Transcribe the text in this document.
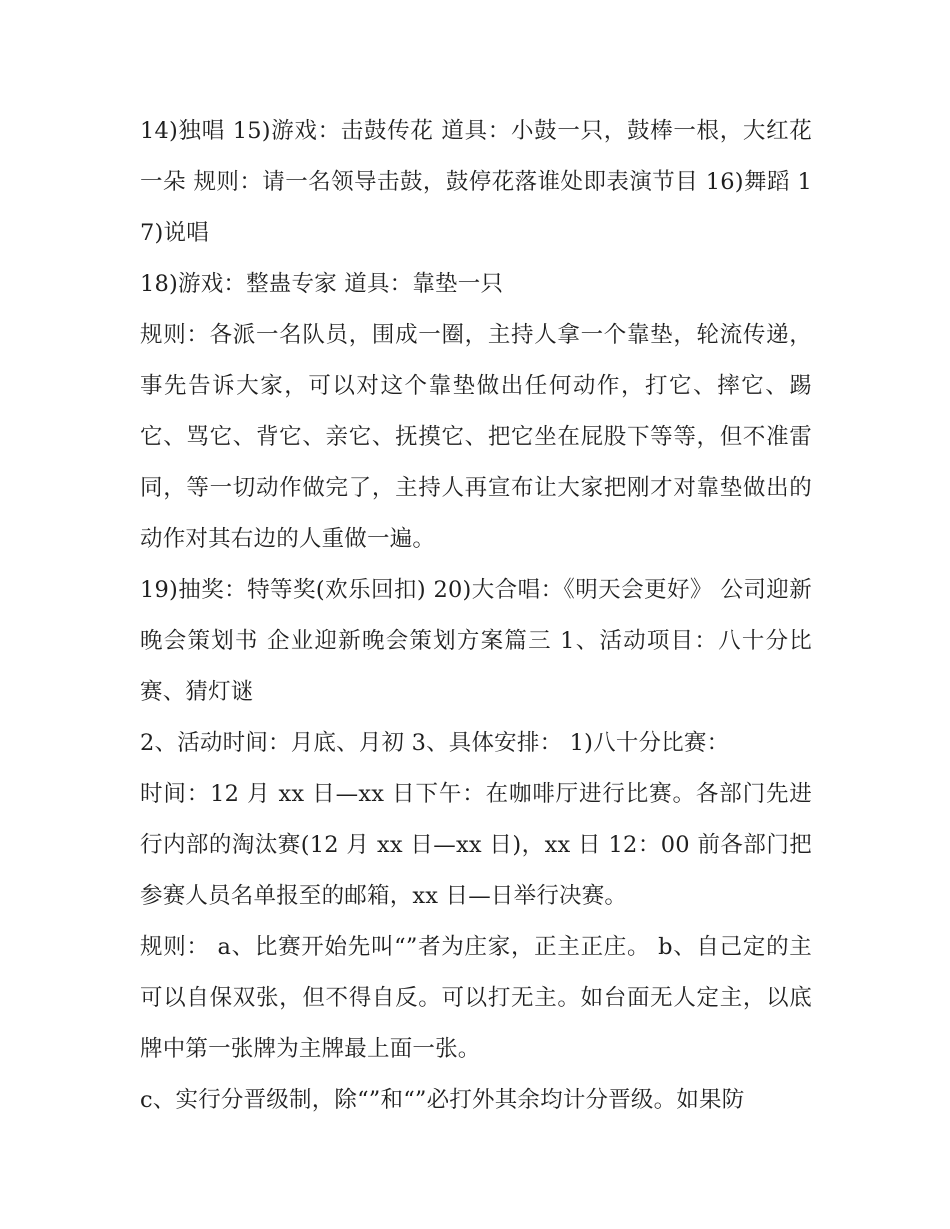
14)独唱 15)游戏：击鼓传花 道具：小鼓一只，鼓棒一根，大红花一朵 规则：请一名领导击鼓，鼓停花落谁处即表演节目 16)舞蹈 17)说唱

18)游戏：整蛊专家 道具：靠垫一只

规则：各派一名队员，围成一圈，主持人拿一个靠垫，轮流传递，事先告诉大家，可以对这个靠垫做出任何动作，打它、摔它、踢它、骂它、背它、亲它、抚摸它、把它坐在屁股下等等，但不准雷同，等一切动作做完了，主持人再宣布让大家把刚才对靠垫做出的动作对其右边的人重做一遍。

19)抽奖：特等奖(欢乐回扣) 20)大合唱：《明天会更好》 公司迎新晚会策划书 企业迎新晚会策划方案篇三 1、活动项目：八十分比赛、猜灯谜

2、活动时间：月底、月初 3、具体安排： 1)八十分比赛：

时间：12 月 xx 日—xx 日下午：在咖啡厅进行比赛。各部门先进行内部的淘汰赛(12 月 xx 日—xx 日)，xx 日 12：00 前各部门把参赛人员名单报至的邮箱，xx 日—日举行决赛。

规则： a、比赛开始先叫“”者为庄家，正主正庄。 b、自己定的主可以自保双张，但不得自反。可以打无主。如台面无人定主，以底牌中第一张牌为主牌最上面一张。

c、实行分晋级制，除“”和“”必打外其余均计分晋级。如果防
